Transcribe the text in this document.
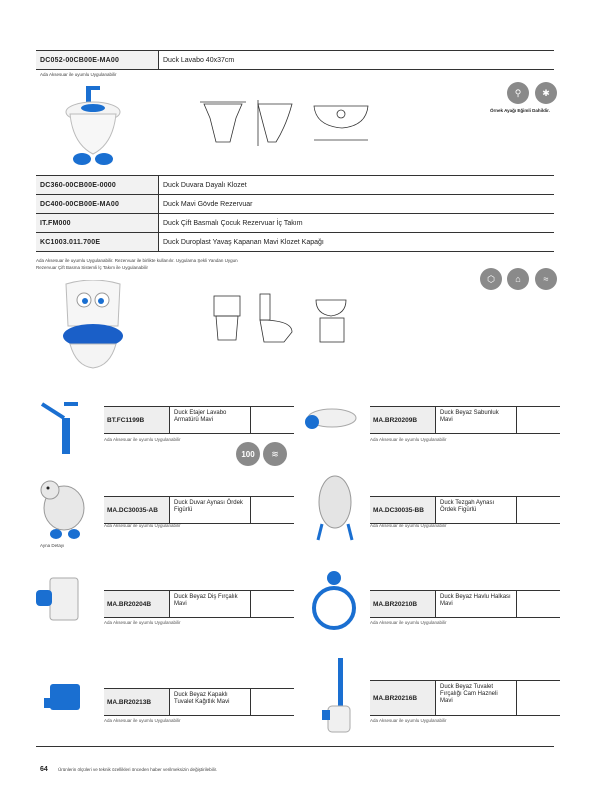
DC052-00CB00E-MA00	Duck Lavabo 40x37cm
Ada Aksesuar ile uyumlu Uygulanabilir
⚲	✱
Örnek Ayağı Eğimli Dahildir.
DC360-00CB00E-0000	Duck Duvara Dayalı Klozet
DC400-00CB00E-MA00	Duck Mavi Gövde Rezervuar
IT.FM000	Duck Çift Basmalı Çocuk Rezervuar İç Takım
KC1003.011.700E	Duck Duroplast Yavaş Kapanan Mavi Klozet Kapağı
Ada Aksesuar ile uyumlu Uygulanabilir. Rezervuar ile birlikte kullanılır. Uygulama Şekli Yandan Uygun
Rezervuar Çift Basma Sistemli İç Takım ile Uygulanabilir
⬡	⌂	≈
BT.FC1199B
Duck Etajer Lavabo Armatürü Mavi
Ada Aksesuar ile uyumlu Uygulanabilir
100	≋
MA.BR20209B
Duck Beyaz Sabunluk Mavi
Ada Aksesuar ile uyumlu Uygulanabilir
Ayna Detayı
MA.DC30035-AB
Duck Duvar Aynası Ördek Figürlü
Ada Aksesuar ile uyumlu Uygulanabilir
MA.DC30035-BB
Duck Tezgah Aynası Ördek Figürlü
Ada Aksesuar ile uyumlu Uygulanabilir
MA.BR20204B
Duck Beyaz Diş Fırçalık Mavi
Ada Aksesuar ile uyumlu Uygulanabilir
MA.BR20210B
Duck Beyaz Havlu Halkası Mavi
Ada Aksesuar ile uyumlu Uygulanabilir
MA.BR20213B
Duck Beyaz Kapaklı Tuvalet Kağıtlık Mavi
Ada Aksesuar ile uyumlu Uygulanabilir
MA.BR20216B
Duck Beyaz Tuvalet Fırçalığı Cam Hazneli Mavi
Ada Aksesuar ile uyumlu Uygulanabilir
64 Ürünlerin ölçüleri ve teknik özellikleri önceden haber verilmeksizin değiştirilebilir.
